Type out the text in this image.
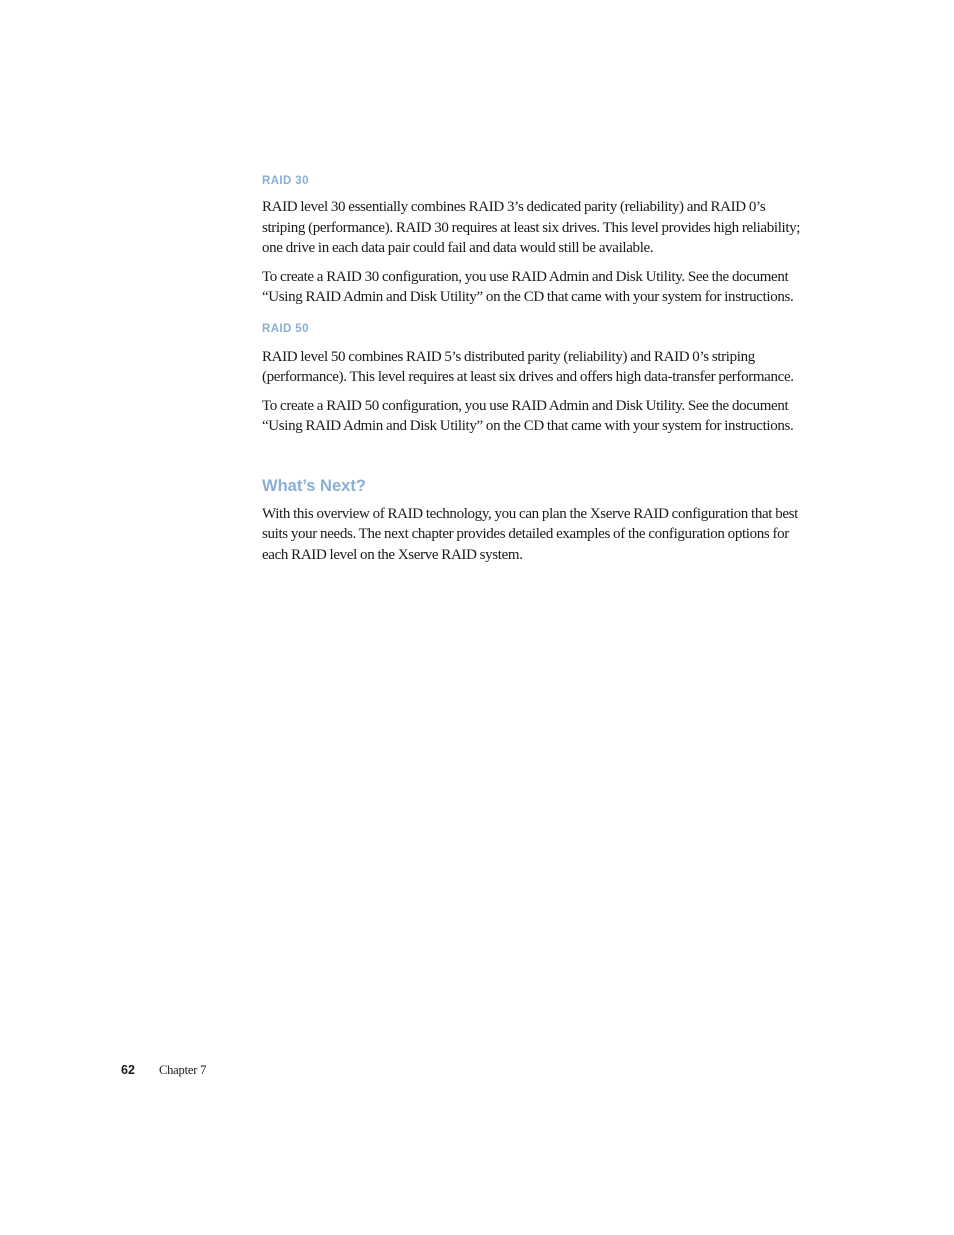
RAID 30

RAID level 30 essentially combines RAID 3’s dedicated parity (reliability) and RAID 0’s striping (performance). RAID 30 requires at least six drives. This level provides high reliability; one drive in each data pair could fail and data would still be available.

To create a RAID 30 configuration, you use RAID Admin and Disk Utility. See the document “Using RAID Admin and Disk Utility” on the CD that came with your system for instructions.

RAID 50

RAID level 50 combines RAID 5’s distributed parity (reliability) and RAID 0’s striping (performance). This level requires at least six drives and offers high data-transfer performance.

To create a RAID 50 configuration, you use RAID Admin and Disk Utility. See the document “Using RAID Admin and Disk Utility” on the CD that came with your system for instructions.

What’s Next?

With this overview of RAID technology, you can plan the Xserve RAID configuration that best suits your needs. The next chapter provides detailed examples of the configuration options for each RAID level on the Xserve RAID system.

62	Chapter 7
